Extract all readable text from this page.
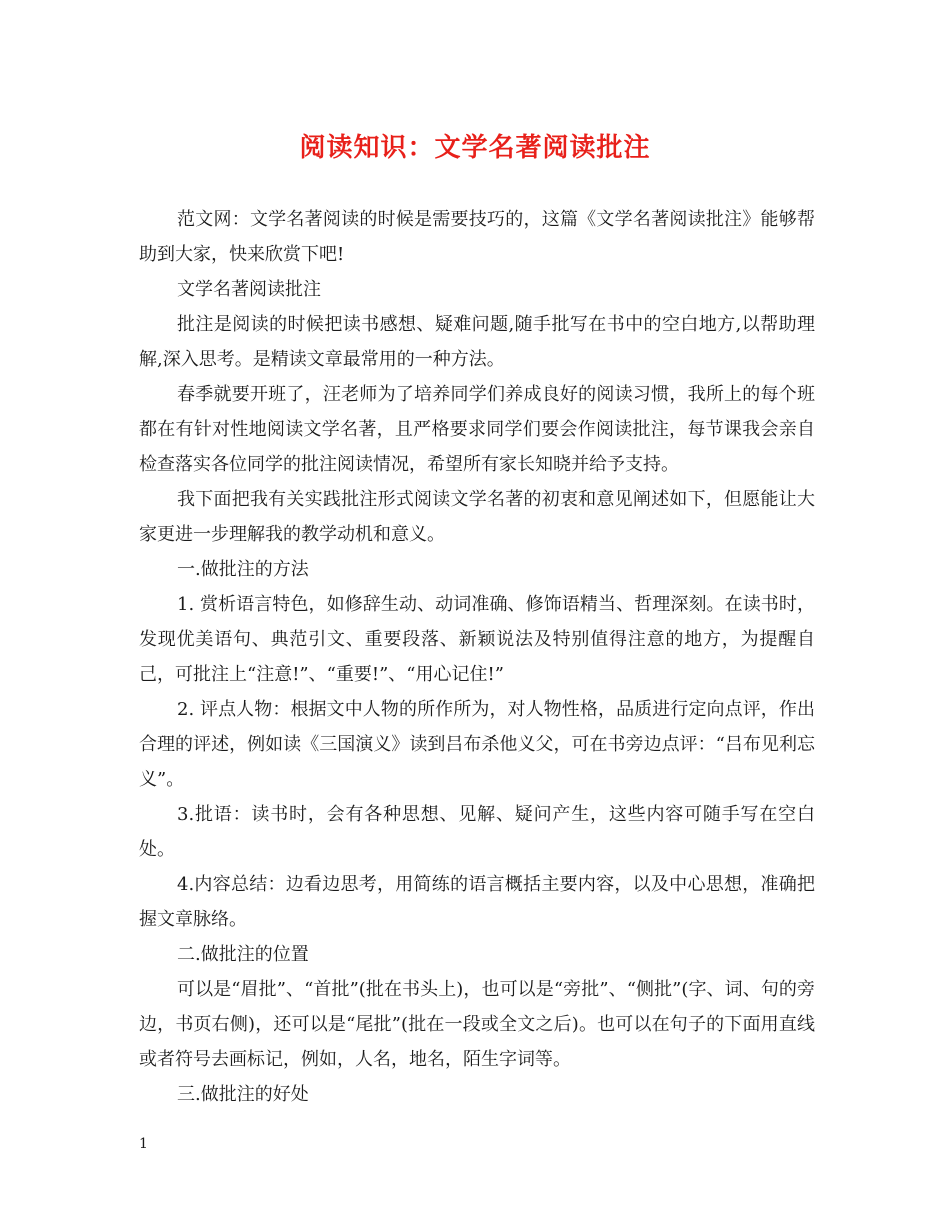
阅读知识：文学名著阅读批注

范文网：文学名著阅读的时候是需要技巧的，这篇《文学名著阅读批注》能够帮助到大家，快来欣赏下吧!

文学名著阅读批注

批注是阅读的时候把读书感想、疑难问题,随手批写在书中的空白地方,以帮助理解,深入思考。是精读文章最常用的一种方法。

春季就要开班了，汪老师为了培养同学们养成良好的阅读习惯，我所上的每个班都在有针对性地阅读文学名著，且严格要求同学们要会作阅读批注，每节课我会亲自检查落实各位同学的批注阅读情况，希望所有家长知晓并给予支持。

我下面把我有关实践批注形式阅读文学名著的初衷和意见阐述如下，但愿能让大家更进一步理解我的教学动机和意义。

一.做批注的方法

1. 赏析语言特色，如修辞生动、动词准确、修饰语精当、哲理深刻。在读书时，发现优美语句、典范引文、重要段落、新颖说法及特别值得注意的地方，为提醒自己，可批注上“注意!”、“重要!”、“用心记住!”

2. 评点人物：根据文中人物的所作所为，对人物性格，品质进行定向点评，作出合理的评述，例如读《三国演义》读到吕布杀他义父，可在书旁边点评：“吕布见利忘义”。

3.批语：读书时，会有各种思想、见解、疑问产生，这些内容可随手写在空白处。

4.内容总结：边看边思考，用简练的语言概括主要内容，以及中心思想，准确把握文章脉络。

二.做批注的位置

可以是“眉批”、“首批”(批在书头上)，也可以是“旁批”、“侧批”(字、词、句的旁边，书页右侧)，还可以是“尾批”(批在一段或全文之后)。也可以在句子的下面用直线或者符号去画标记，例如，人名，地名，陌生字词等。

三.做批注的好处

1
